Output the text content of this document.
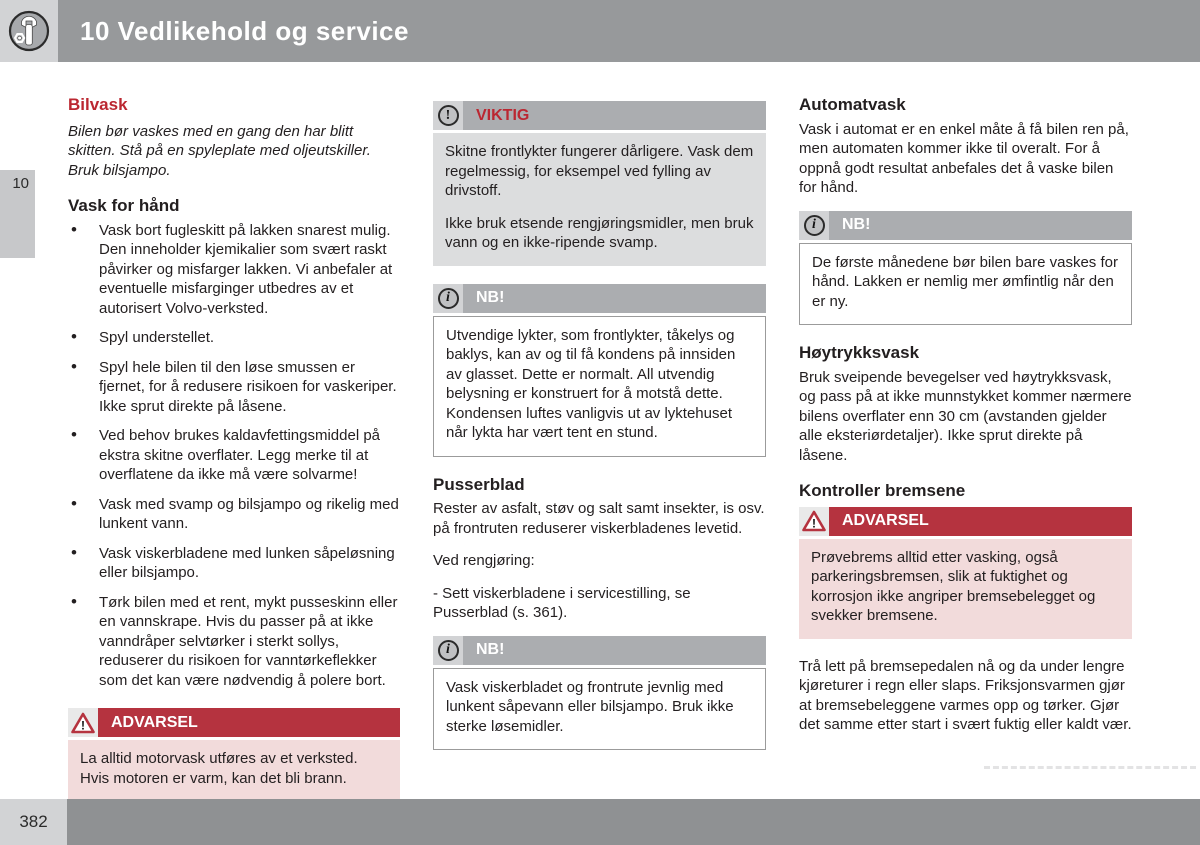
10 Vedlikehold og service
10
Bilvask

Bilen bør vaskes med en gang den har blitt skitten. Stå på en spyleplate med oljeutskiller. Bruk bilsjampo.

Vask for hånd
• Vask bort fugleskitt på lakken snarest mulig. Den inneholder kjemikalier som svært raskt påvirker og misfarger lakken. Vi anbefaler at eventuelle misfarginger utbedres av et autorisert Volvo-verksted.
• Spyl understellet.
• Spyl hele bilen til den løse smussen er fjernet, for å redusere risikoen for vaskeriper. Ikke sprut direkte på låsene.
• Ved behov brukes kaldavfettingsmiddel på ekstra skitne overflater. Legg merke til at overflatene da ikke må være solvarme!
• Vask med svamp og bilsjampo og rikelig med lunkent vann.
• Vask viskerbladene med lunken såpeløsning eller bilsjampo.
• Tørk bilen med et rent, mykt pusseskinn eller en vannskrape. Hvis du passer på at ikke vanndråper selvtørker i sterkt sollys, reduserer du risikoen for vanntørkeflekker som det kan være nødvendig å polere bort.
!	ADVARSEL

La alltid motorvask utføres av et verksted. Hvis motoren er varm, kan det bli brann.

!	VIKTIG

Skitne frontlykter fungerer dårligere. Vask dem regelmessig, for eksempel ved fylling av drivstoff.

Ikke bruk etsende rengjøringsmidler, men bruk vann og en ikke-ripende svamp.

i	NB!

Utvendige lykter, som frontlykter, tåkelys og baklys, kan av og til få kondens på innsiden av glasset. Dette er normalt. All utvendig belysning er konstruert for å motstå dette. Kondensen luftes vanligvis ut av lyktehuset når lykta har vært tent en stund.

Pusserblad

Rester av asfalt, støv og salt samt insekter, is osv. på frontruten reduserer viskerbladenes levetid.

Ved rengjøring:

- Sett viskerbladene i servicestilling, se Pusserblad (s. 361).

i	NB!

Vask viskerbladet og frontrute jevnlig med lunkent såpevann eller bilsjampo. Bruk ikke sterke løsemidler.

Automatvask

Vask i automat er en enkel måte å få bilen ren på, men automaten kommer ikke til overalt. For å oppnå godt resultat anbefales det å vaske bilen for hånd.

i	NB!

De første månedene bør bilen bare vaskes for hånd. Lakken er nemlig mer ømfintlig når den er ny.

Høytrykksvask

Bruk sveipende bevegelser ved høytrykksvask, og pass på at ikke munnstykket kommer nærmere bilens overflater enn 30 cm (avstanden gjelder alle eksteriørdetaljer). Ikke sprut direkte på låsene.

Kontroller bremsene
!	ADVARSEL

Prøvebrems alltid etter vasking, også parkeringsbremsen, slik at fuktighet og korrosjon ikke angriper bremsebelegget og svekker bremsene.

Trå lett på bremsepedalen nå og da under lengre kjøreturer i regn eller slaps. Friksjonsvarmen gjør at bremsebeleggene varmes opp og tørker. Gjør det samme etter start i svært fuktig eller kaldt vær.

382
